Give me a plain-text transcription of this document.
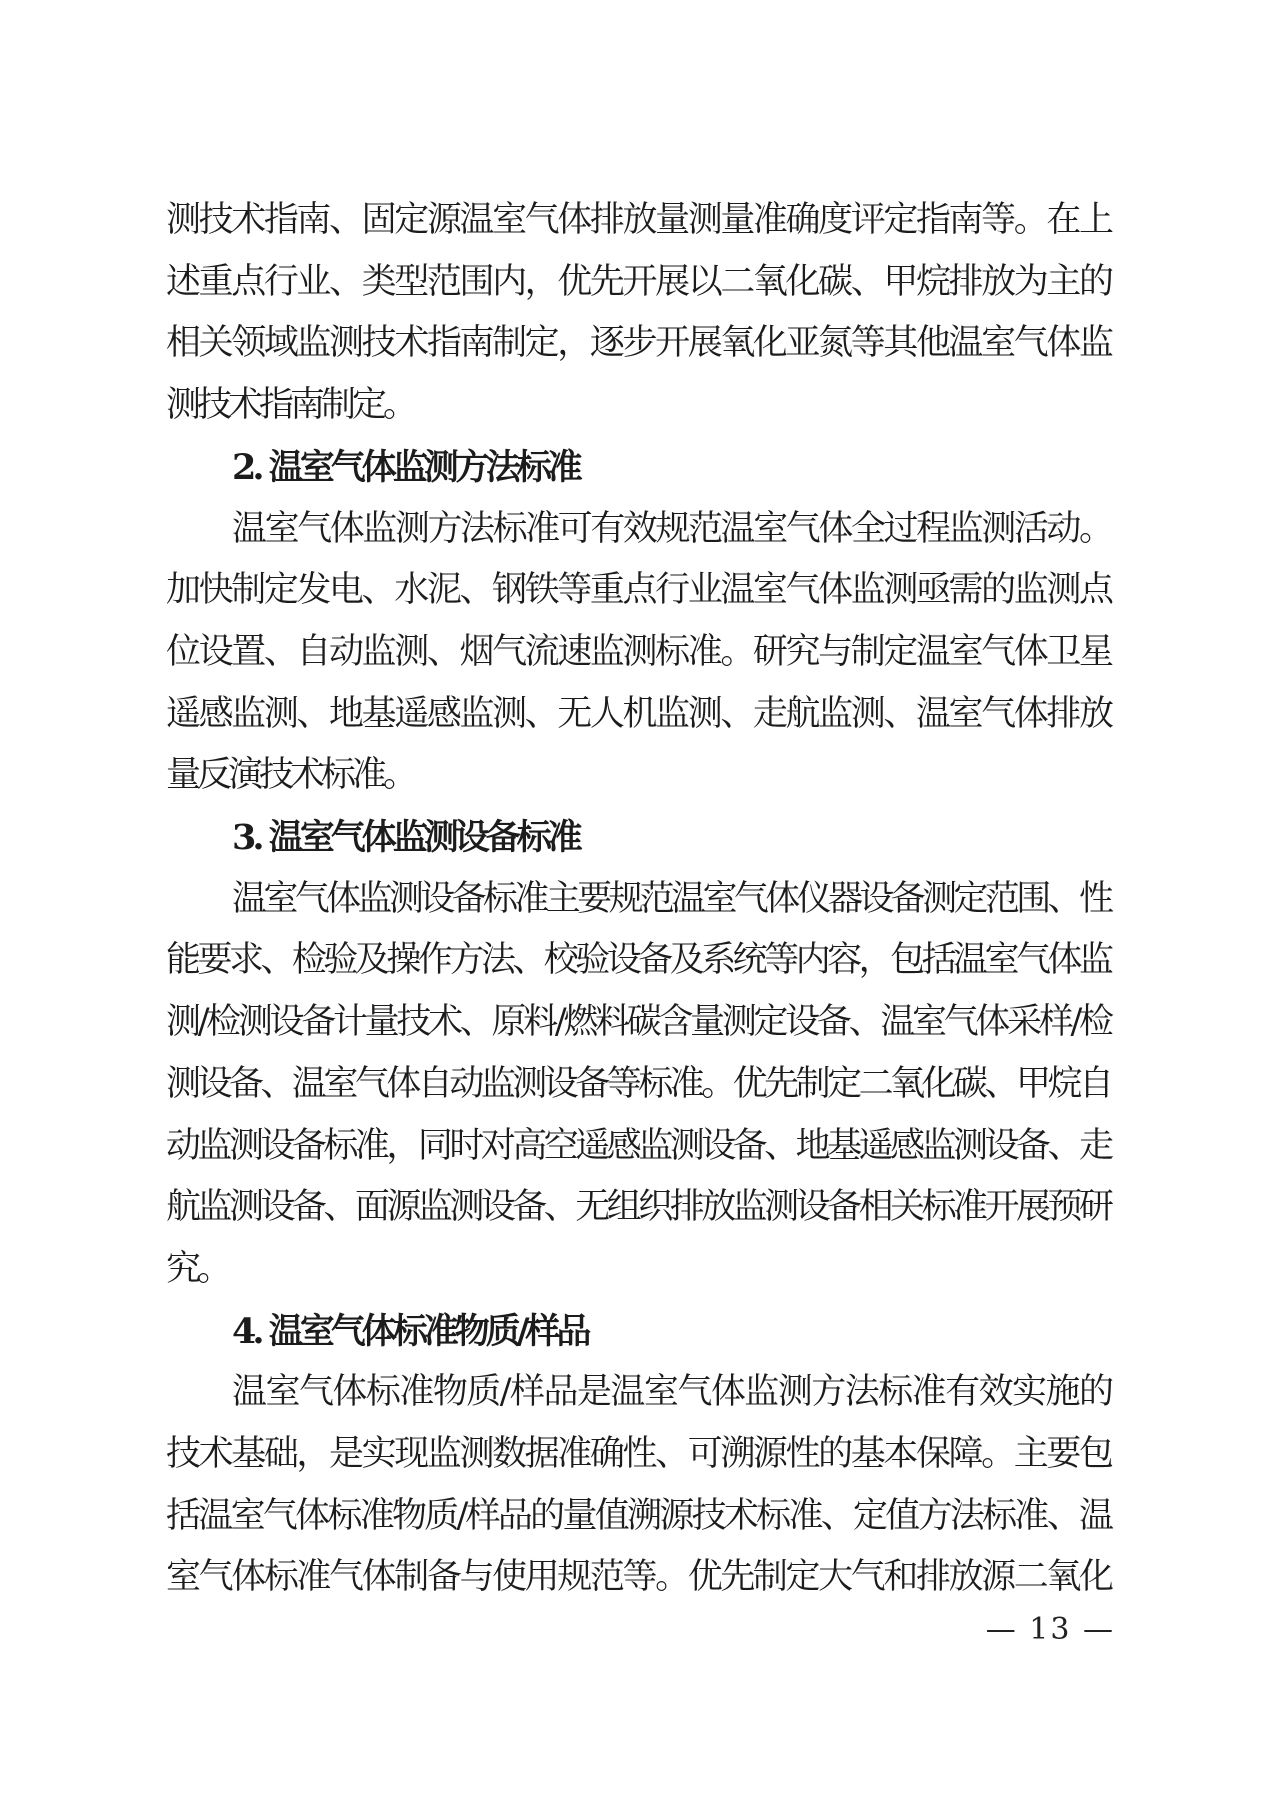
测技术指南、固定源温室气体排放量测量准确度评定指南等。在上
述重点行业、类型范围内，优先开展以二氧化碳、甲烷排放为主的
相关领域监测技术指南制定，逐步开展氧化亚氮等其他温室气体监
测技术指南制定。
2. 温室气体监测方法标准
温室气体监测方法标准可有效规范温室气体全过程监测活动。
加快制定发电、水泥、钢铁等重点行业温室气体监测亟需的监测点
位设置、自动监测、烟气流速监测标准。研究与制定温室气体卫星
遥感监测、地基遥感监测、无人机监测、走航监测、温室气体排放
量反演技术标准。
3. 温室气体监测设备标准
温室气体监测设备标准主要规范温室气体仪器设备测定范围、性
能要求、检验及操作方法、校验设备及系统等内容，包括温室气体监
测/检测设备计量技术、原料/燃料碳含量测定设备、温室气体采样/检
测设备、温室气体自动监测设备等标准。优先制定二氧化碳、甲烷自
动监测设备标准，同时对高空遥感监测设备、地基遥感监测设备、走
航监测设备、面源监测设备、无组织排放监测设备相关标准开展预研
究。
4. 温室气体标准物质/样品
温室气体标准物质/样品是温室气体监测方法标准有效实施的
技术基础，是实现监测数据准确性、可溯源性的基本保障。主要包
括温室气体标准物质/样品的量值溯源技术标准、定值方法标准、温
室气体标准气体制备与使用规范等。优先制定大气和排放源二氧化
— 13 —
